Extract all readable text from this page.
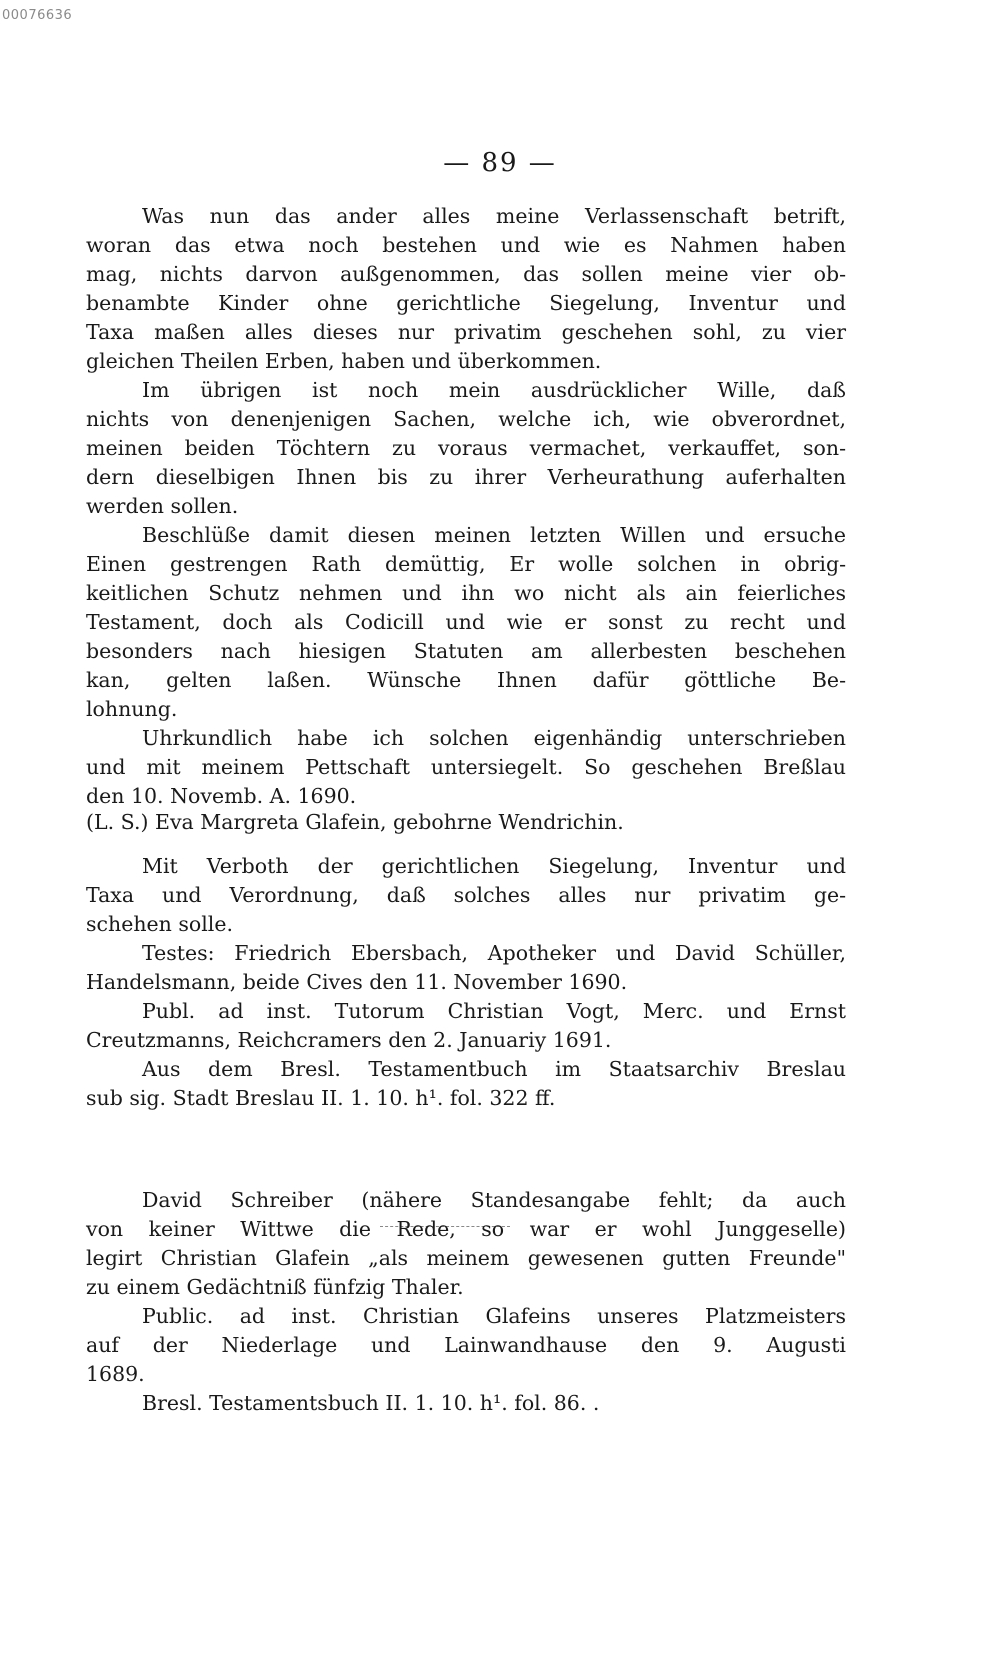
00076636
— 89 —
Was nun das ander alles meine Verlassenschaft betrift,
woran das etwa noch bestehen und wie es Nahmen haben
mag, nichts darvon außgenommen, das sollen meine vier ob-
benambte Kinder ohne gerichtliche Siegelung, Inventur und
Taxa maßen alles dieses nur privatim geschehen sohl, zu vier
gleichen Theilen Erben, haben und überkommen.
Im übrigen ist noch mein ausdrücklicher Wille, daß
nichts von denenjenigen Sachen, welche ich, wie obverordnet,
meinen beiden Töchtern zu voraus vermachet, verkauffet, son-
dern dieselbigen Ihnen bis zu ihrer Verheurathung auferhalten
werden sollen.
Beschlüße damit diesen meinen letzten Willen und ersuche
Einen gestrengen Rath demüttig, Er wolle solchen in obrig-
keitlichen Schutz nehmen und ihn wo nicht als ain feierliches
Testament, doch als Codicill und wie er sonst zu recht und
besonders nach hiesigen Statuten am allerbesten beschehen
kan, gelten laßen. Wünsche Ihnen dafür göttliche Be-
lohnung.
Uhrkundlich habe ich solchen eigenhändig unterschrieben
und mit meinem Pettschaft untersiegelt. So geschehen Breßlau
den 10. Novemb. A. 1690.
(L. S.) Eva Margreta Glafein, gebohrne Wendrichin.
Mit Verboth der gerichtlichen Siegelung, Inventur und
Taxa und Verordnung, daß solches alles nur privatim ge-
schehen solle.
Testes: Friedrich Ebersbach, Apotheker und David Schüller,
Handelsmann, beide Cives den 11. November 1690.
Publ. ad inst. Tutorum Christian Vogt, Merc. und Ernst
Creutzmanns, Reichcramers den 2. Januariy 1691.
Aus dem Bresl. Testamentbuch im Staatsarchiv Breslau
sub sig. Stadt Breslau II. 1. 10. h¹. fol. 322 ff.
David Schreiber (nähere Standesangabe fehlt; da auch
von keiner Wittwe die Rede, so war er wohl Junggeselle)
legirt Christian Glafein „als meinem gewesenen gutten Freunde"
zu einem Gedächtniß fünfzig Thaler.
Public. ad inst. Christian Glafeins unseres Platzmeisters
auf der Niederlage und Lainwandhause den 9. Augusti
1689.
Bresl. Testamentsbuch II. 1. 10. h¹. fol. 86. .
